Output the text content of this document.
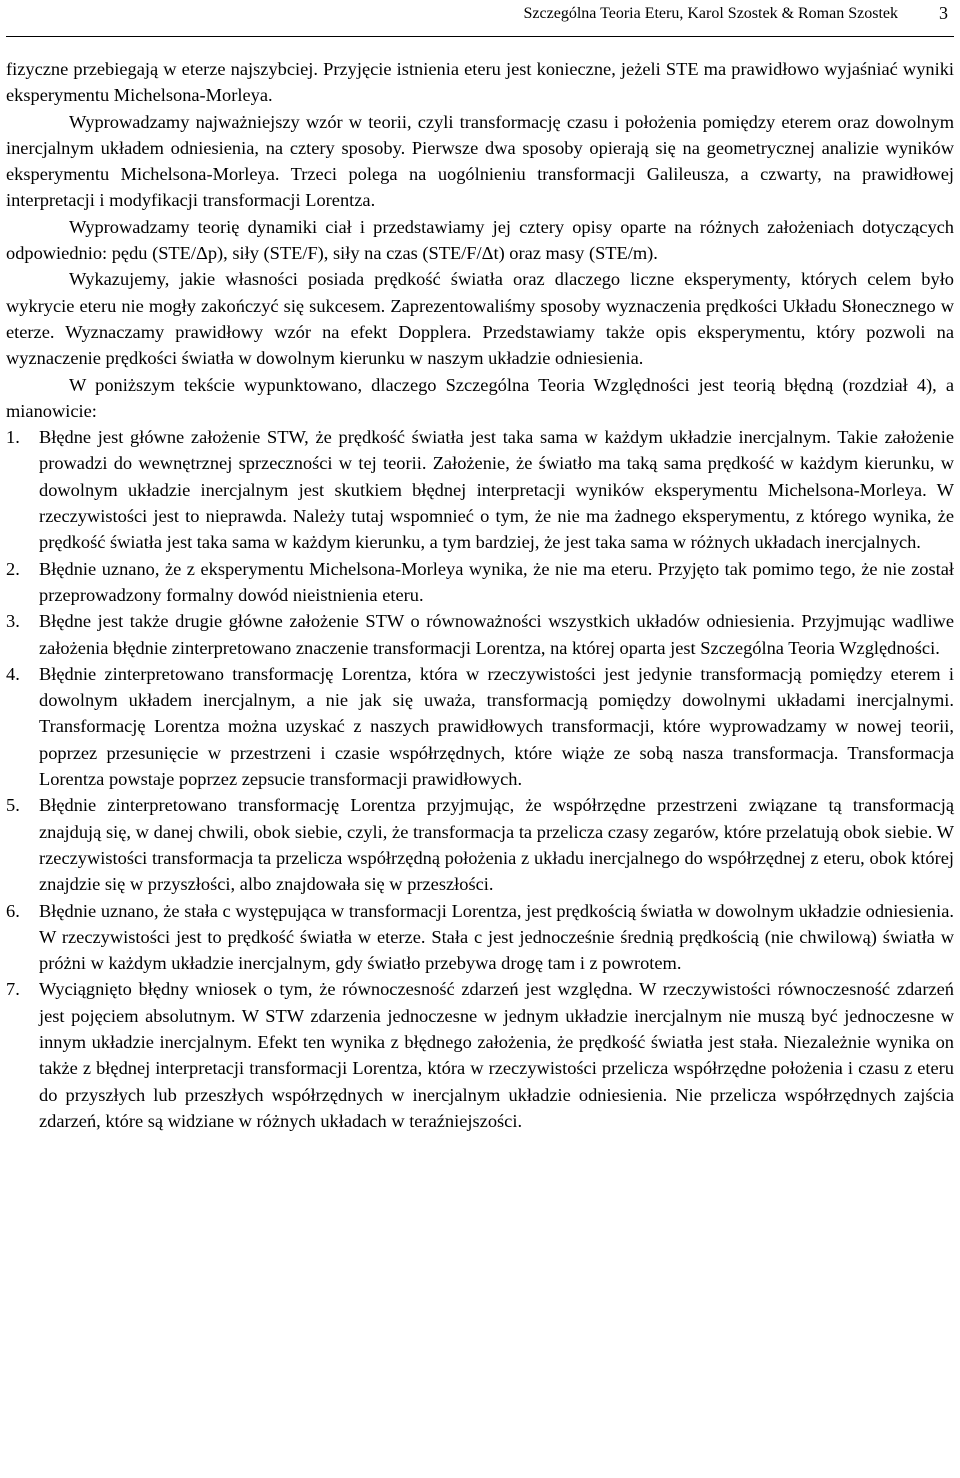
Szczególna Teoria Eteru, Karol Szostek & Roman Szostek 3

fizyczne przebiegają w eterze najszybciej. Przyjęcie istnienia eteru jest konieczne, jeżeli STE ma prawidłowo wyjaśniać wyniki eksperymentu Michelsona-Morleya.

Wyprowadzamy najważniejszy wzór w teorii, czyli transformację czasu i położenia pomiędzy eterem oraz dowolnym inercjalnym układem odniesienia, na cztery sposoby. Pierwsze dwa sposoby opierają się na geometrycznej analizie wyników eksperymentu Michelsona-Morleya. Trzeci polega na uogólnieniu transformacji Galileusza, a czwarty, na prawidłowej interpretacji i modyfikacji transformacji Lorentza.

Wyprowadzamy teorię dynamiki ciał i przedstawiamy jej cztery opisy oparte na różnych założeniach dotyczących odpowiednio: pędu (STE/Δp), siły (STE/F), siły na czas (STE/F/Δt) oraz masy (STE/m).

Wykazujemy, jakie własności posiada prędkość światła oraz dlaczego liczne eksperymenty, których celem było wykrycie eteru nie mogły zakończyć się sukcesem. Zaprezentowaliśmy sposoby wyznaczenia prędkości Układu Słonecznego w eterze. Wyznaczamy prawidłowy wzór na efekt Dopplera. Przedstawiamy także opis eksperymentu, który pozwoli na wyznaczenie prędkości światła w dowolnym kierunku w naszym układzie odniesienia.

W poniższym tekście wypunktowano, dlaczego Szczególna Teoria Względności jest teorią błędną (rozdział 4), a mianowicie:

1. Błędne jest główne założenie STW, że prędkość światła jest taka sama w każdym układzie inercjalnym. Takie założenie prowadzi do wewnętrznej sprzeczności w tej teorii. Założenie, że światło ma taką sama prędkość w każdym kierunku, w dowolnym układzie inercjalnym jest skutkiem błędnej interpretacji wyników eksperymentu Michelsona-Morleya. W rzeczywistości jest to nieprawda. Należy tutaj wspomnieć o tym, że nie ma żadnego eksperymentu, z którego wynika, że prędkość światła jest taka sama w każdym kierunku, a tym bardziej, że jest taka sama w różnych układach inercjalnych.
2. Błędnie uznano, że z eksperymentu Michelsona-Morleya wynika, że nie ma eteru. Przyjęto tak pomimo tego, że nie został przeprowadzony formalny dowód nieistnienia eteru.
3. Błędne jest także drugie główne założenie STW o równoważności wszystkich układów odniesienia. Przyjmując wadliwe założenia błędnie zinterpretowano znaczenie transformacji Lorentza, na której oparta jest Szczególna Teoria Względności.
4. Błędnie zinterpretowano transformację Lorentza, która w rzeczywistości jest jedynie transformacją pomiędzy eterem i dowolnym układem inercjalnym, a nie jak się uważa, transformacją pomiędzy dowolnymi układami inercjalnymi. Transformację Lorentza można uzyskać z naszych prawidłowych transformacji, które wyprowadzamy w nowej teorii, poprzez przesunięcie w przestrzeni i czasie współrzędnych, które wiąże ze sobą nasza transformacja. Transformacja Lorentza powstaje poprzez zepsucie transformacji prawidłowych.
5. Błędnie zinterpretowano transformację Lorentza przyjmując, że współrzędne przestrzeni związane tą transformacją znajdują się, w danej chwili, obok siebie, czyli, że transformacja ta przelicza czasy zegarów, które przelatują obok siebie. W rzeczywistości transformacja ta przelicza współrzędną położenia z układu inercjalnego do współrzędnej z eteru, obok której znajdzie się w przyszłości, albo znajdowała się w przeszłości.
6. Błędnie uznano, że stała c występująca w transformacji Lorentza, jest prędkością światła w dowolnym układzie odniesienia. W rzeczywistości jest to prędkość światła w eterze. Stała c jest jednocześnie średnią prędkością (nie chwilową) światła w próżni w każdym układzie inercjalnym, gdy światło przebywa drogę tam i z powrotem.
7. Wyciągnięto błędny wniosek o tym, że równoczesność zdarzeń jest względna. W rzeczywistości równoczesność zdarzeń jest pojęciem absolutnym. W STW zdarzenia jednoczesne w jednym układzie inercjalnym nie muszą być jednoczesne w innym układzie inercjalnym. Efekt ten wynika z błędnego założenia, że prędkość światła jest stała. Niezależnie wynika on także z błędnej interpretacji transformacji Lorentza, która w rzeczywistości przelicza współrzędne położenia i czasu z eteru do przyszłych lub przeszłych współrzędnych w inercjalnym układzie odniesienia. Nie przelicza współrzędnych zajścia zdarzeń, które są widziane w różnych układach w teraźniejszości.
